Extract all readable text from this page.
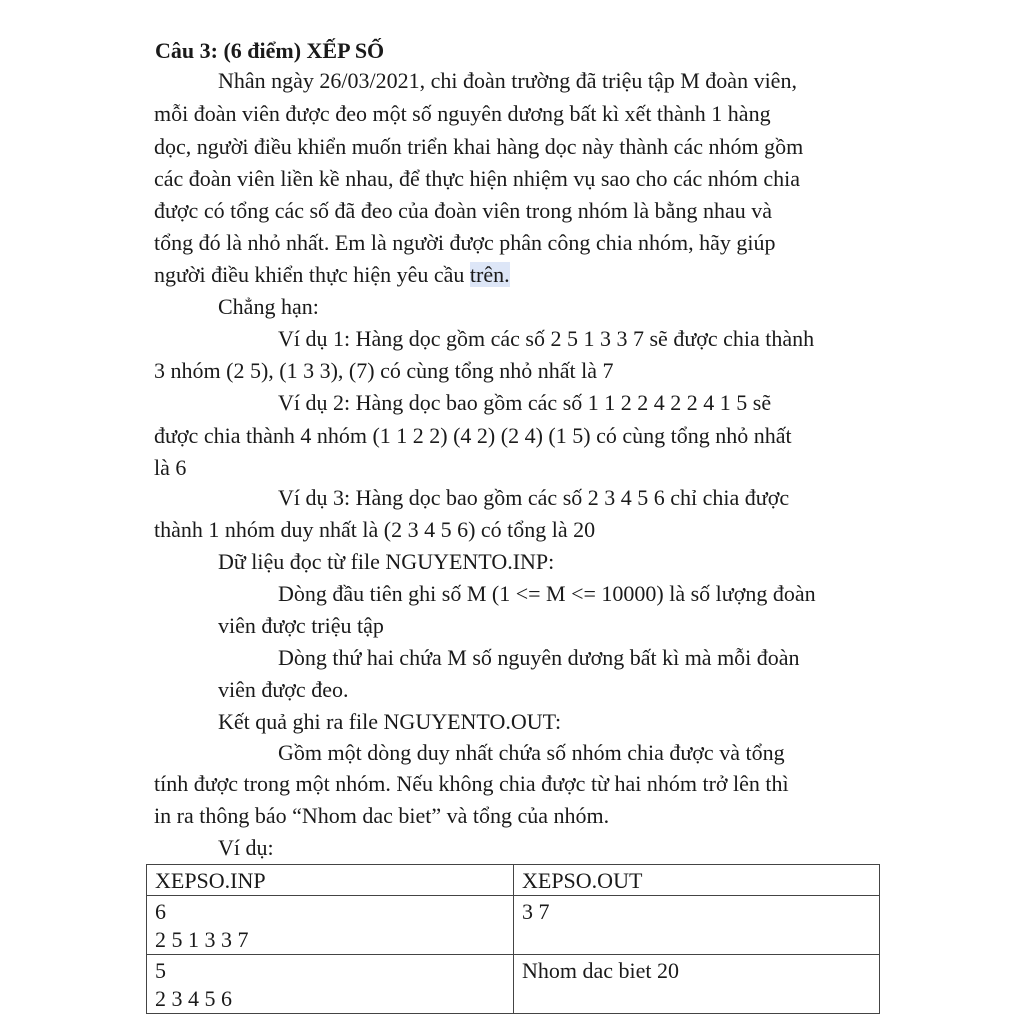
Câu 3: (6 điểm) XẾP SỐ
Nhân ngày 26/03/2021, chi đoàn trường đã triệu tập M đoàn viên,
mỗi đoàn viên được đeo một số nguyên dương bất kì xết thành 1 hàng
dọc, người điều khiển muốn triển khai hàng dọc này thành các nhóm gồm
các đoàn viên liền kề nhau, để thực hiện nhiệm vụ sao cho các nhóm chia
được có tổng các số đã đeo của đoàn viên trong nhóm là bằng nhau và
tổng đó là nhỏ nhất. Em là người được phân công chia nhóm, hãy giúp
người điều khiển thực hiện yêu cầu trên.
Chẳng hạn:
Ví dụ 1: Hàng dọc gồm các số 2 5 1 3 3 7 sẽ được chia thành
3 nhóm (2 5), (1 3 3), (7) có cùng tổng nhỏ nhất là 7
Ví dụ 2: Hàng dọc bao gồm các số 1 1 2 2 4 2 2 4 1 5 sẽ
được chia thành 4 nhóm (1 1 2 2) (4 2) (2 4) (1 5) có cùng tổng nhỏ nhất
là 6
Ví dụ 3: Hàng dọc bao gồm các số 2 3 4 5 6 chỉ chia được
thành 1 nhóm duy nhất là (2 3 4 5 6) có tổng là 20
Dữ liệu đọc từ file NGUYENTO.INP:
Dòng đầu tiên ghi số M (1 <= M <= 10000) là số lượng đoàn
viên được triệu tập
Dòng thứ hai chứa M số nguyên dương bất kì mà mỗi đoàn
viên được đeo.
Kết quả ghi ra file NGUYENTO.OUT:
Gồm một dòng duy nhất chứa số nhóm chia được và tổng
tính được trong một nhóm. Nếu không chia được từ hai nhóm trở lên thì
in ra thông báo “Nhom dac biet” và tổng của nhóm.
Ví dụ:
XEPSO.INP	XEPSO.OUT

6
2 5 1 3 3 7	3 7

5
2 3 4 5 6	Nhom dac biet 20
